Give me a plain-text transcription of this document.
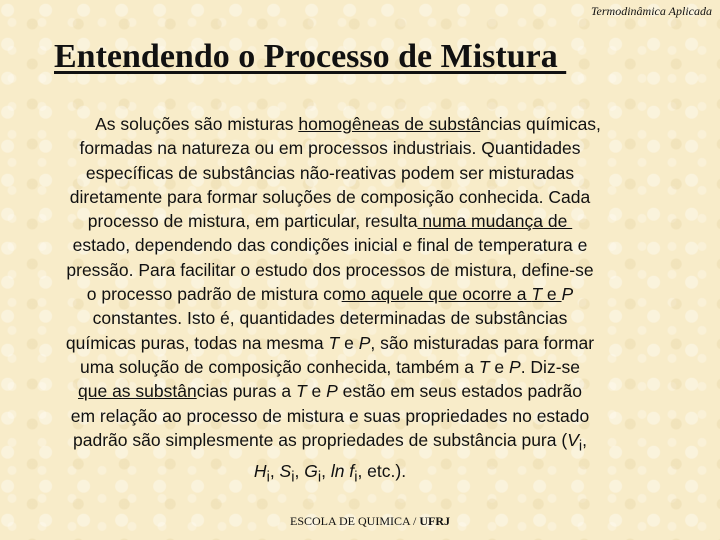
Termodinâmica Aplicada
Entendendo o Processo de Mistura
As soluções são misturas homogêneas de substâncias químicas,
formadas na natureza ou em processos industriais. Quantidades
específicas de substâncias não-reativas podem ser misturadas
diretamente para formar soluções de composição conhecida. Cada
processo de mistura, em particular, resulta numa mudança de
estado, dependendo das condições inicial e final de temperatura e
pressão. Para facilitar o estudo dos processos de mistura, define-se
o processo padrão de mistura como aquele que ocorre a T e P
constantes. Isto é, quantidades determinadas de substâncias
químicas puras, todas na mesma T e P, são misturadas para formar
uma solução de composição conhecida, também a T e P. Diz-se
que as substâncias puras a T e P estão em seus estados padrão
em relação ao processo de mistura e suas propriedades no estado
padrão são simplesmente as propriedades de substância pura ($V_i$,
$H_i$, $S_i$, $G_i$, $\ln f_i$, etc.).
ESCOLA DE QUIMICA / UFRJ
